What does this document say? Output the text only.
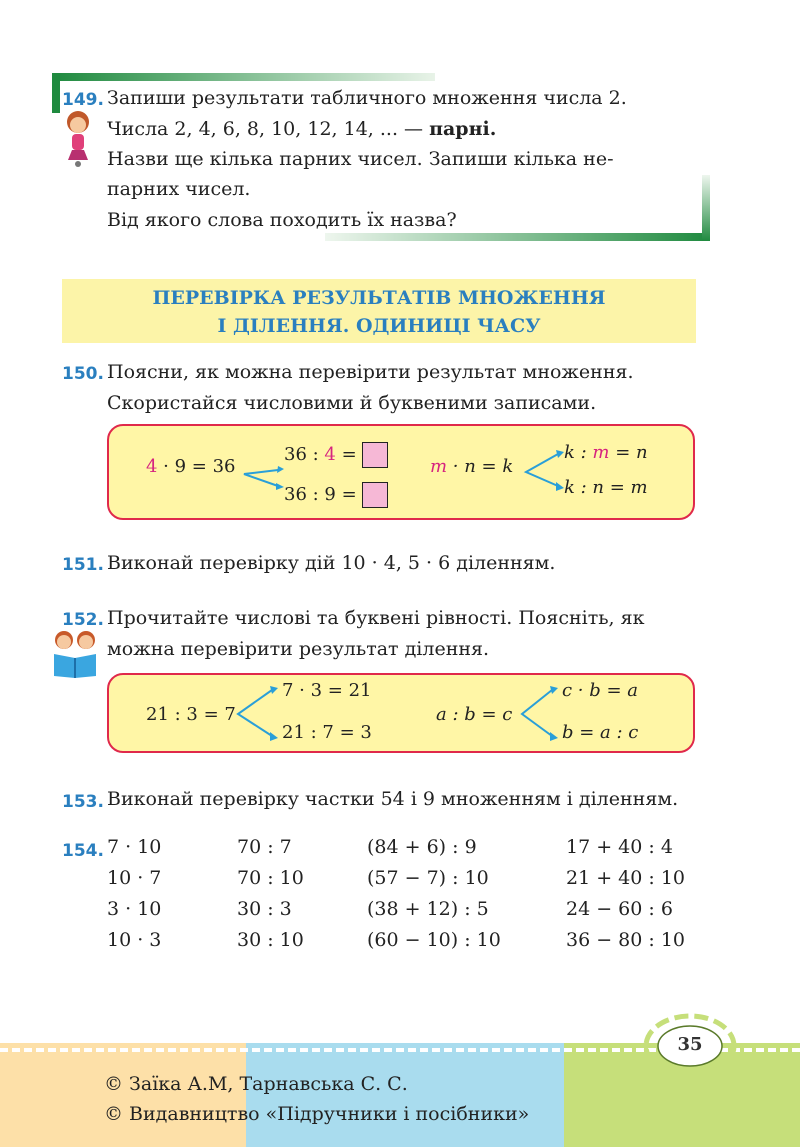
149. Запиши результати табличного множення числа 2.
Числа 2, 4, 6, 8, 10, 12, 14, ... — парні.
Назви ще кілька парних чисел. Запиши кілька не-
парних чисел.
Від якого слова походить їх назва?
ПЕРЕВІРКА РЕЗУЛЬТАТІВ МНОЖЕННЯ
І ДІЛЕННЯ. ОДИНИЦІ ЧАСУ
150. Поясни, як можна перевірити результат множення.
Скористайся числовими й буквеними записами.
4 · 9 = 36
36 : 4 =
36 : 9 =
m · n = k
k : m = n
k : n = m
151. Виконай перевірку дій 10 · 4, 5 · 6 діленням.
152. Прочитайте числові та буквені рівності. Поясніть, як
можна перевірити результат ділення.
21 : 3 = 7
7 · 3 = 21
21 : 7 = 3
a : b = c
c · b = a
b = a : c
153. Виконай перевірку частки 54 і 9 множенням і діленням.
154. 7 · 10
10 · 7
3 · 10
10 · 3
70 : 7
70 : 10
30 : 3
30 : 10
(84 + 6) : 9
(57 − 7) : 10
(38 + 12) : 5
(60 − 10) : 10
17 + 40 : 4
21 + 40 : 10
24 − 60 : 6
36 − 80 : 10
35
© Заїка А.М, Тарнавська С. С.
© Видавництво «Підручники і посібники»
